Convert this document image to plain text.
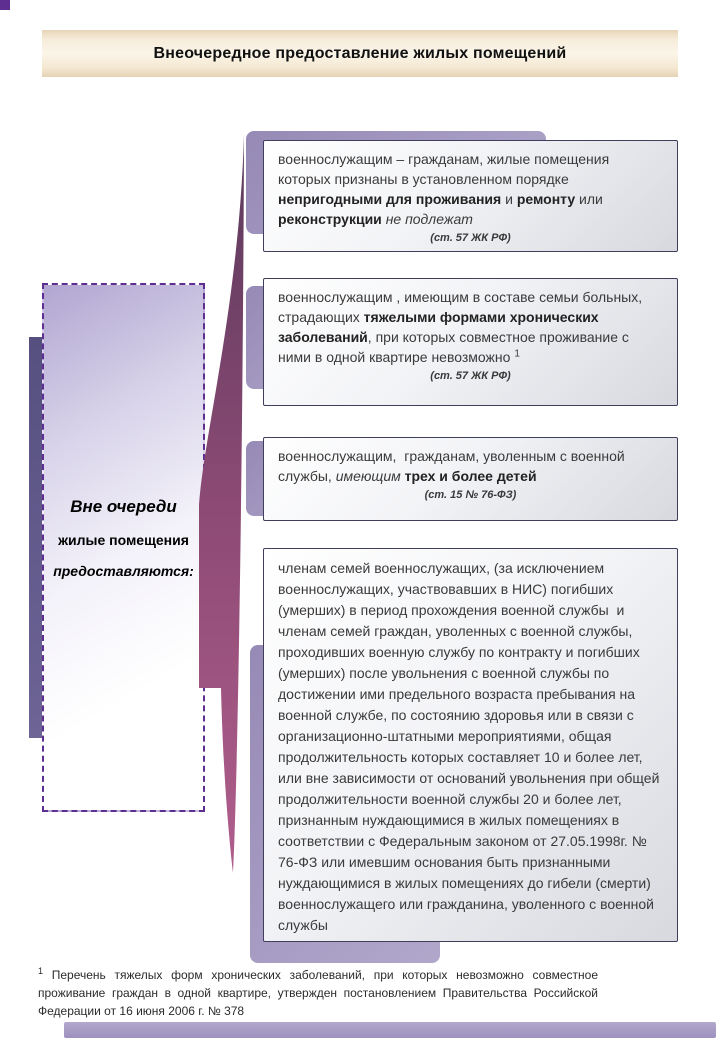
Внеочередное предоставление жилых помещений

Вне очереди

жилые помещения

предоставляются:

военнослужащим – гражданам, жилые помещения которых признаны в установленном порядке непригодными для проживания и ремонту или реконструкции не подлежат

(ст. 57 ЖК РФ)

военнослужащим , имеющим в составе семьи больных, страдающих тяжелыми формами хронических заболеваний, при которых совместное проживание с ними в одной квартире невозможно $^1$

(ст. 57 ЖК РФ)

военнослужащим,  гражданам, уволенным с военной службы, имеющим трех и более детей

(ст. 15 № 76-ФЗ)

членам семей военнослужащих, (за исключением военнослужащих, участвовавших в НИС) погибших (умерших) в период прохождения военной службы  и членам семей граждан, уволенных с военной службы, проходивших военную службу по контракту и погибших (умерших) после увольнения с военной службы по достижении ими предельного возраста пребывания на военной службе, по состоянию здоровья или в связи с организационно-штатными мероприятиями, общая продолжительность которых составляет 10 и более лет, или вне зависимости от оснований увольнения при общей продолжительности военной службы 20 и более лет, признанным нуждающимися в жилых помещениях в соответствии с Федеральным законом от 27.05.1998г. № 76-ФЗ или имевшим основания быть признанными нуждающимися в жилых помещениях до гибели (смерти) военнослужащего или гражданина, уволенного с военной службы

$^1$ Перечень тяжелых форм хронических заболеваний, при которых невозможно совместное проживание граждан в одной квартире, утвержден постановлением Правительства Российской Федерации от 16 июня 2006 г. № 378
